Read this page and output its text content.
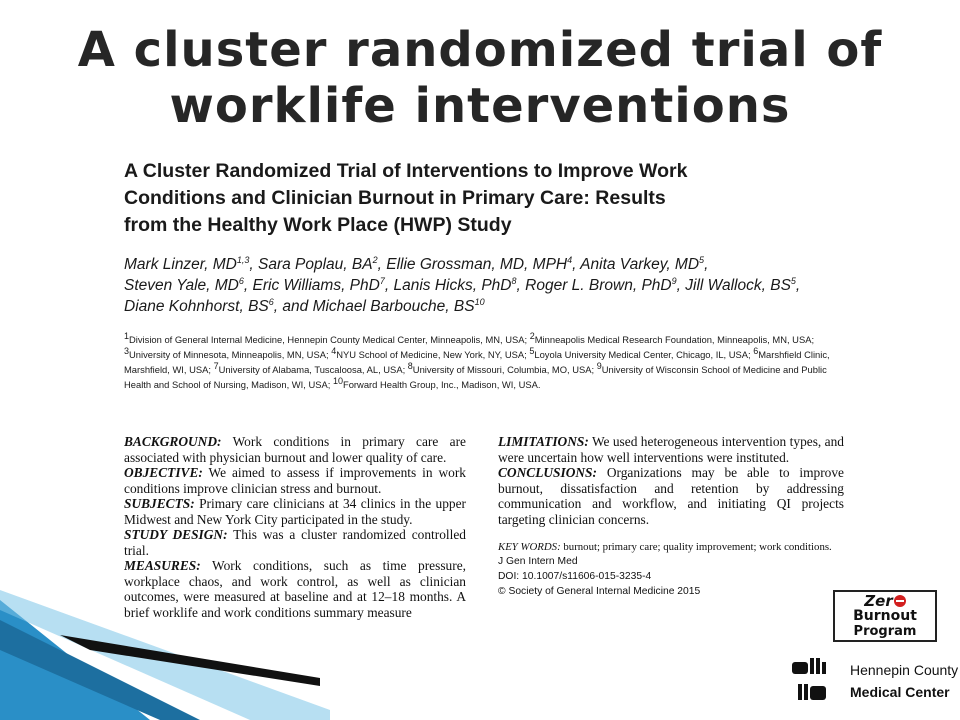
A cluster randomized trial of
worklife interventions
A Cluster Randomized Trial of Interventions to Improve Work
Conditions and Clinician Burnout in Primary Care: Results
from the Healthy Work Place (HWP) Study
Mark Linzer, MD$^{1,3}$, Sara Poplau, $BA^2$, Ellie Grossman, MD, MPH$^4$, Anita Varkey, $MD^5$,
Steven Yale, $MD^6$, Eric Williams, PhD$^7$, Lanis Hicks, PhD$^8$, Roger L. Brown, PhD$^9$, Jill Wallock, $BS^5$,
Diane Kohnhorst, $BS^6$, and Michael Barbouche, BS$^{10}$
$^1$Division of General Internal Medicine, Hennepin County Medical Center, Minneapolis, MN, USA; $^2$Minneapolis Medical Research Foundation, Minneapolis, MN, USA; $^3$University of Minnesota, Minneapolis, MN, USA; $^4$NYU School of Medicine, New York, NY, USA; $^5$Loyola University Medical Center, Chicago, IL, USA; $^6$Marshfield Clinic, Marshfield, WI, USA; $^7$University of Alabama, Tuscaloosa, AL, USA; $^8$University of Missouri, Columbia, MO, USA; $^9$University of Wisconsin School of Medicine and Public Health and School of Nursing, Madison, WI, USA; $^{10}$Forward Health Group, Inc., Madison, WI, USA.

BACKGROUND: Work conditions in primary care are associated with physician burnout and lower quality of care.

OBJECTIVE: We aimed to assess if improvements in work conditions improve clinician stress and burnout.

SUBJECTS: Primary care clinicians at 34 clinics in the upper Midwest and New York City participated in the study.

STUDY DESIGN: This was a cluster randomized controlled trial.

MEASURES: Work conditions, such as time pressure, workplace chaos, and work control, as well as clinician outcomes, were measured at baseline and at 12–18 months. A brief worklife and work conditions summary measure

LIMITATIONS: We used heterogeneous intervention types, and were uncertain how well interventions were instituted.

CONCLUSIONS: Organizations may be able to improve burnout, dissatisfaction and retention by addressing communication and workflow, and initiating QI projects targeting clinician concerns.

KEY WORDS: burnout; primary care; quality improvement; work conditions.

J Gen Intern Med

DOI: 10.1007/s11606-015-3235-4

© Society of General Internal Medicine 2015

Zer
Burnout
Program
Hennepin County
Medical Center
